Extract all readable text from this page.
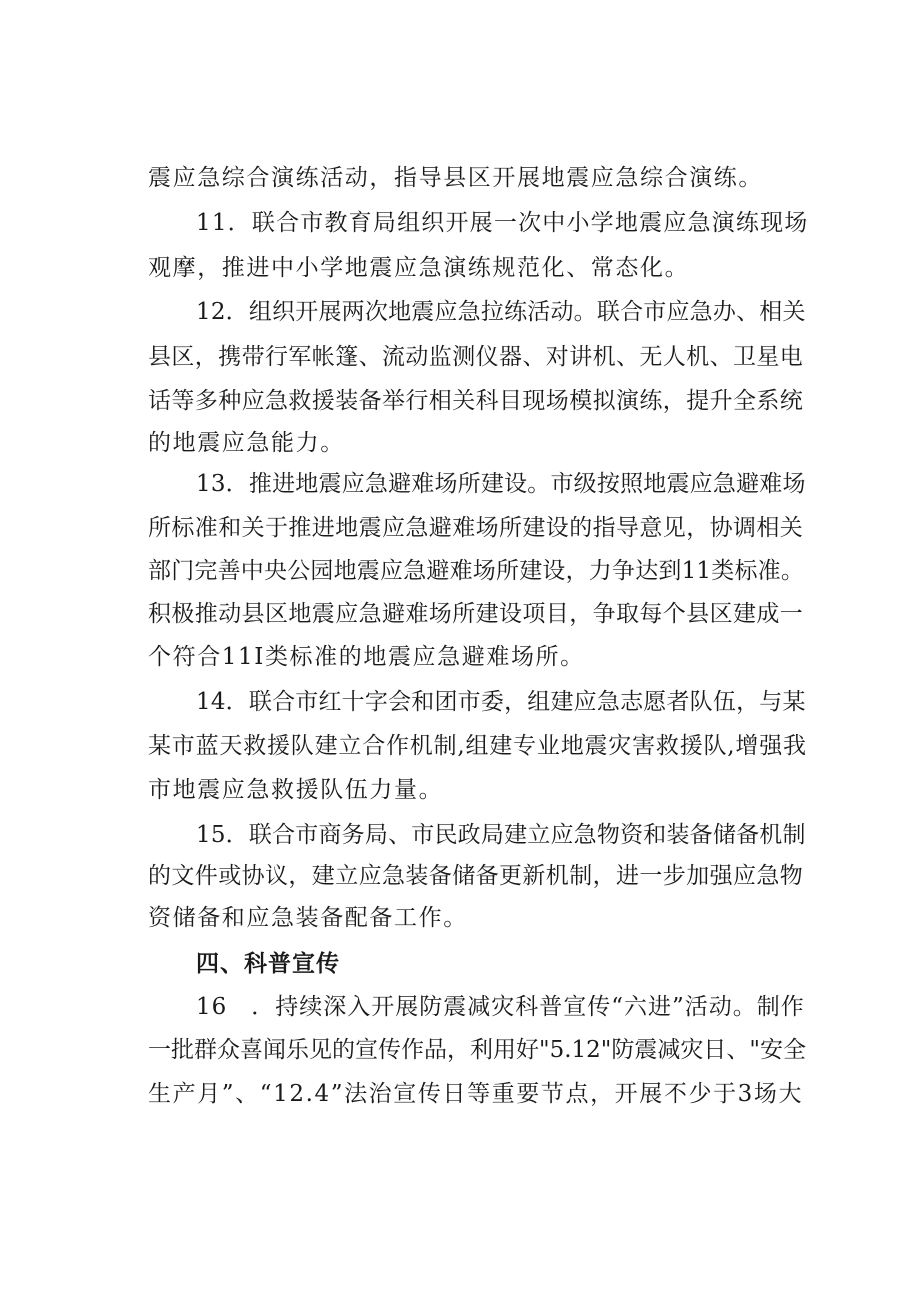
震应急综合演练活动，指导县区开展地震应急综合演练。
11．联合市教育局组织开展一次中小学地震应急演练现场
观摩，推进中小学地震应急演练规范化、常态化。
12．组织开展两次地震应急拉练活动。联合市应急办、相关
县区，携带行军帐篷、流动监测仪器、对讲机、无人机、卫星电
话等多种应急救援装备举行相关科目现场模拟演练，提升全系统
的地震应急能力。
13．推进地震应急避难场所建设。市级按照地震应急避难场
所标准和关于推进地震应急避难场所建设的指导意见，协调相关
部门完善中央公园地震应急避难场所建设，力争达到11类标准。
积极推动县区地震应急避难场所建设项目，争取每个县区建成一
个符合11I类标准的地震应急避难场所。
14．联合市红十字会和团市委，组建应急志愿者队伍，与某
某市蓝天救援队建立合作机制,组建专业地震灾害救援队,增强我
市地震应急救援队伍力量。
15．联合市商务局、市民政局建立应急物资和装备储备机制
的文件或协议，建立应急装备储备更新机制，进一步加强应急物
资储备和应急装备配备工作。
四、科普宣传
16　．持续深入开展防震减灾科普宣传“六进”活动。制作
一批群众喜闻乐见的宣传作品，利用好"5.12"防震减灾日、"安全
生产月”、“12.4”法治宣传日等重要节点，开展不少于3场大
